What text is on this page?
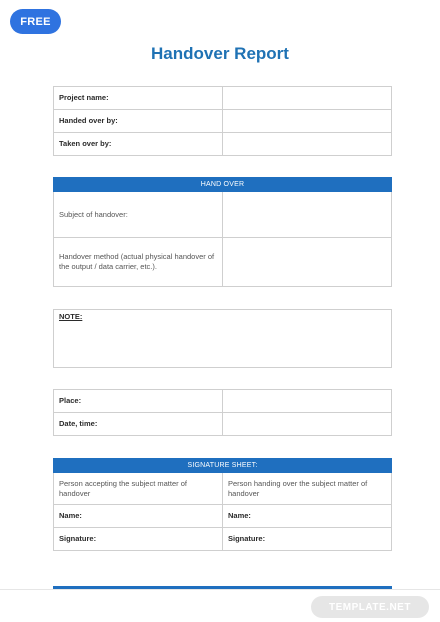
FREE
Handover Report
Project name:	
Handed over by:	
Taken over by:	
HAND OVER	
Subject of handover:	
Handover method (actual physical handover of the output / data carrier, etc.).	
NOTE:
Place:	
Date, time:	
SIGNATURE SHEET:	
Person accepting the subject matter of handover	Person handing over the subject matter of handover
Name:	Name:
Signature:	Signature:
TEMPLATE.NET
